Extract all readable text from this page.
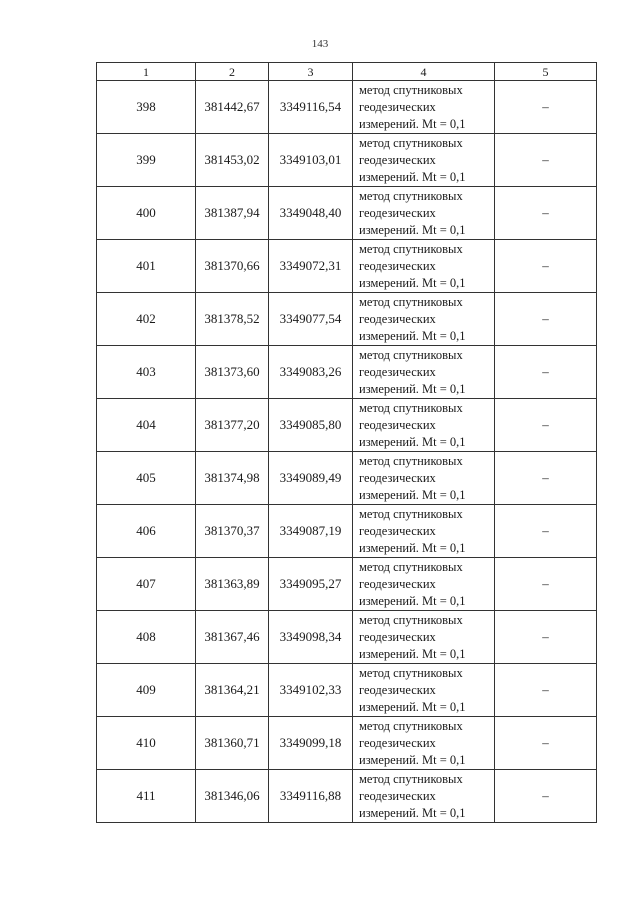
143
1	2	3	4	5
398	381442,67	3349116,54	метод спутниковых
геодезических
измерений. Mt = 0,1	–
399	381453,02	3349103,01	метод спутниковых
геодезических
измерений. Mt = 0,1	–
400	381387,94	3349048,40	метод спутниковых
геодезических
измерений. Mt = 0,1	–
401	381370,66	3349072,31	метод спутниковых
геодезических
измерений. Mt = 0,1	–
402	381378,52	3349077,54	метод спутниковых
геодезических
измерений. Mt = 0,1	–
403	381373,60	3349083,26	метод спутниковых
геодезических
измерений. Mt = 0,1	–
404	381377,20	3349085,80	метод спутниковых
геодезических
измерений. Mt = 0,1	–
405	381374,98	3349089,49	метод спутниковых
геодезических
измерений. Mt = 0,1	–
406	381370,37	3349087,19	метод спутниковых
геодезических
измерений. Mt = 0,1	–
407	381363,89	3349095,27	метод спутниковых
геодезических
измерений. Mt = 0,1	–
408	381367,46	3349098,34	метод спутниковых
геодезических
измерений. Mt = 0,1	–
409	381364,21	3349102,33	метод спутниковых
геодезических
измерений. Mt = 0,1	–
410	381360,71	3349099,18	метод спутниковых
геодезических
измерений. Mt = 0,1	–
411	381346,06	3349116,88	метод спутниковых
геодезических
измерений. Mt = 0,1	–
